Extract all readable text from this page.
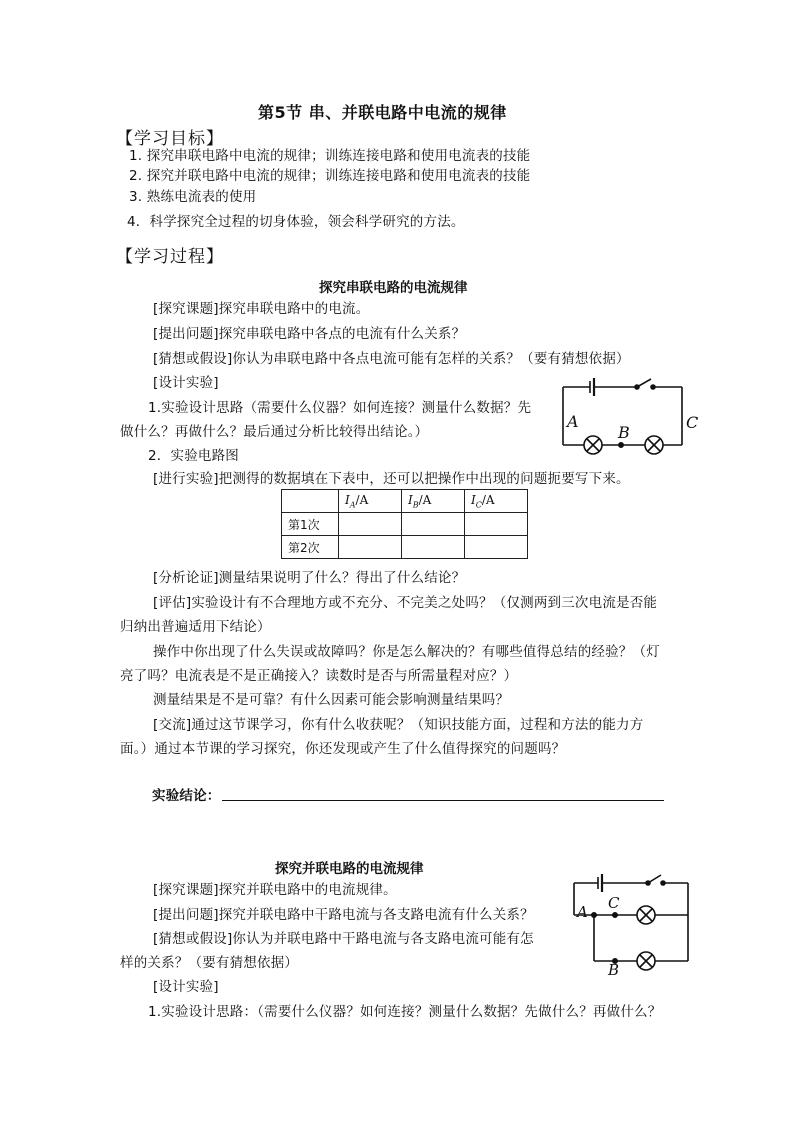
第5节 串、并联电路中电流的规律
【学习目标】
1. 探究串联电路中电流的规律；训练连接电路和使用电流表的技能
2. 探究并联电路中电流的规律；训练连接电路和使用电流表的技能
3. 熟练电流表的使用
4．科学探究全过程的切身体验，领会科学研究的方法。
【学习过程】
探究串联电路的电流规律
[探究课题]探究串联电路中的电流。
[提出问题]探究串联电路中各点的电流有什么关系？
[猜想或假设]你认为串联电路中各点电流可能有怎样的关系？（要有猜想依据）
[设计实验]
1.实验设计思路（需要什么仪器？如何连接？测量什么数据？先
做什么？再做什么？最后通过分析比较得出结论。）
2．实验电路图
[进行实验]把测得的数据填在下表中，还可以把操作中出现的问题扼要写下来。
A
B
C
	$I_A/A$	$I_B/A$	$I_C/A$
第1次			
第2次			
[分析论证]测量结果说明了什么？得出了什么结论？
[评估]实验设计有不合理地方或不充分、不完美之处吗？（仅测两到三次电流是否能
归纳出普遍适用下结论）
操作中你出现了什么失误或故障吗？你是怎么解决的？有哪些值得总结的经验？（灯
亮了吗？电流表是不是正确接入？读数时是否与所需量程对应？）
测量结果是不是可靠？有什么因素可能会影响测量结果吗？
[交流]通过这节课学习，你有什么收获呢？（知识技能方面，过程和方法的能力方
面。）通过本节课的学习探究，你还发现或产生了什么值得探究的问题吗？
实验结论：
探究并联电路的电流规律
[探究课题]探究并联电路中的电流规律。
[提出问题]探究并联电路中干路电流与各支路电流有什么关系？
[猜想或假设]你认为并联电路中干路电流与各支路电流可能有怎
样的关系？（要有猜想依据）
[设计实验]
1.实验设计思路：（需要什么仪器？如何连接？测量什么数据？先做什么？再做什么？
A C
B
